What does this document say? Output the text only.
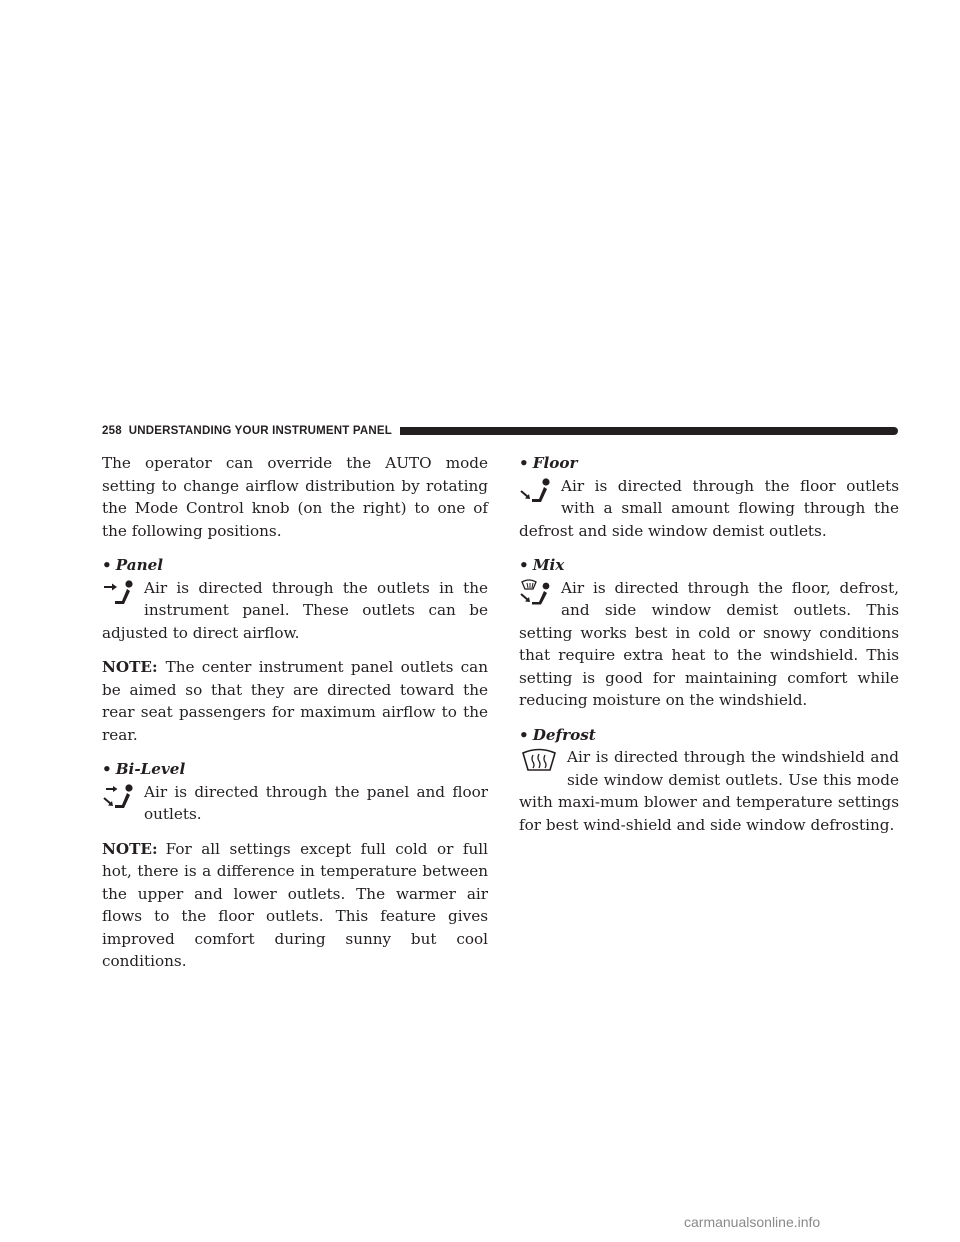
258 UNDERSTANDING YOUR INSTRUMENT PANEL

The operator can override the AUTO mode setting to change airflow distribution by rotating the Mode Control knob (on the right) to one of the following positions.

• Panel
Air is directed through the outlets in the instrument panel. These outlets can be adjusted to direct airflow.

NOTE: The center instrument panel outlets can be aimed so that they are directed toward the rear seat passengers for maximum airflow to the rear.

• Bi-Level
Air is directed through the panel and floor outlets.

NOTE: For all settings except full cold or full hot, there is a difference in temperature between the upper and lower outlets. The warmer air flows to the floor outlets. This feature gives improved comfort during sunny but cool conditions.

• Floor
Air is directed through the floor outlets with a small amount flowing through the defrost and side window demist outlets.
• Mix
Air is directed through the floor, defrost, and side window demist outlets. This setting works best in cold or snowy conditions that require extra heat to the windshield. This setting is good for maintaining comfort while reducing moisture on the windshield.
• Defrost
Air is directed through the windshield and side window demist outlets. Use this mode with maxi-mum blower and temperature settings for best wind-shield and side window defrosting.
carmanualsonline.info
